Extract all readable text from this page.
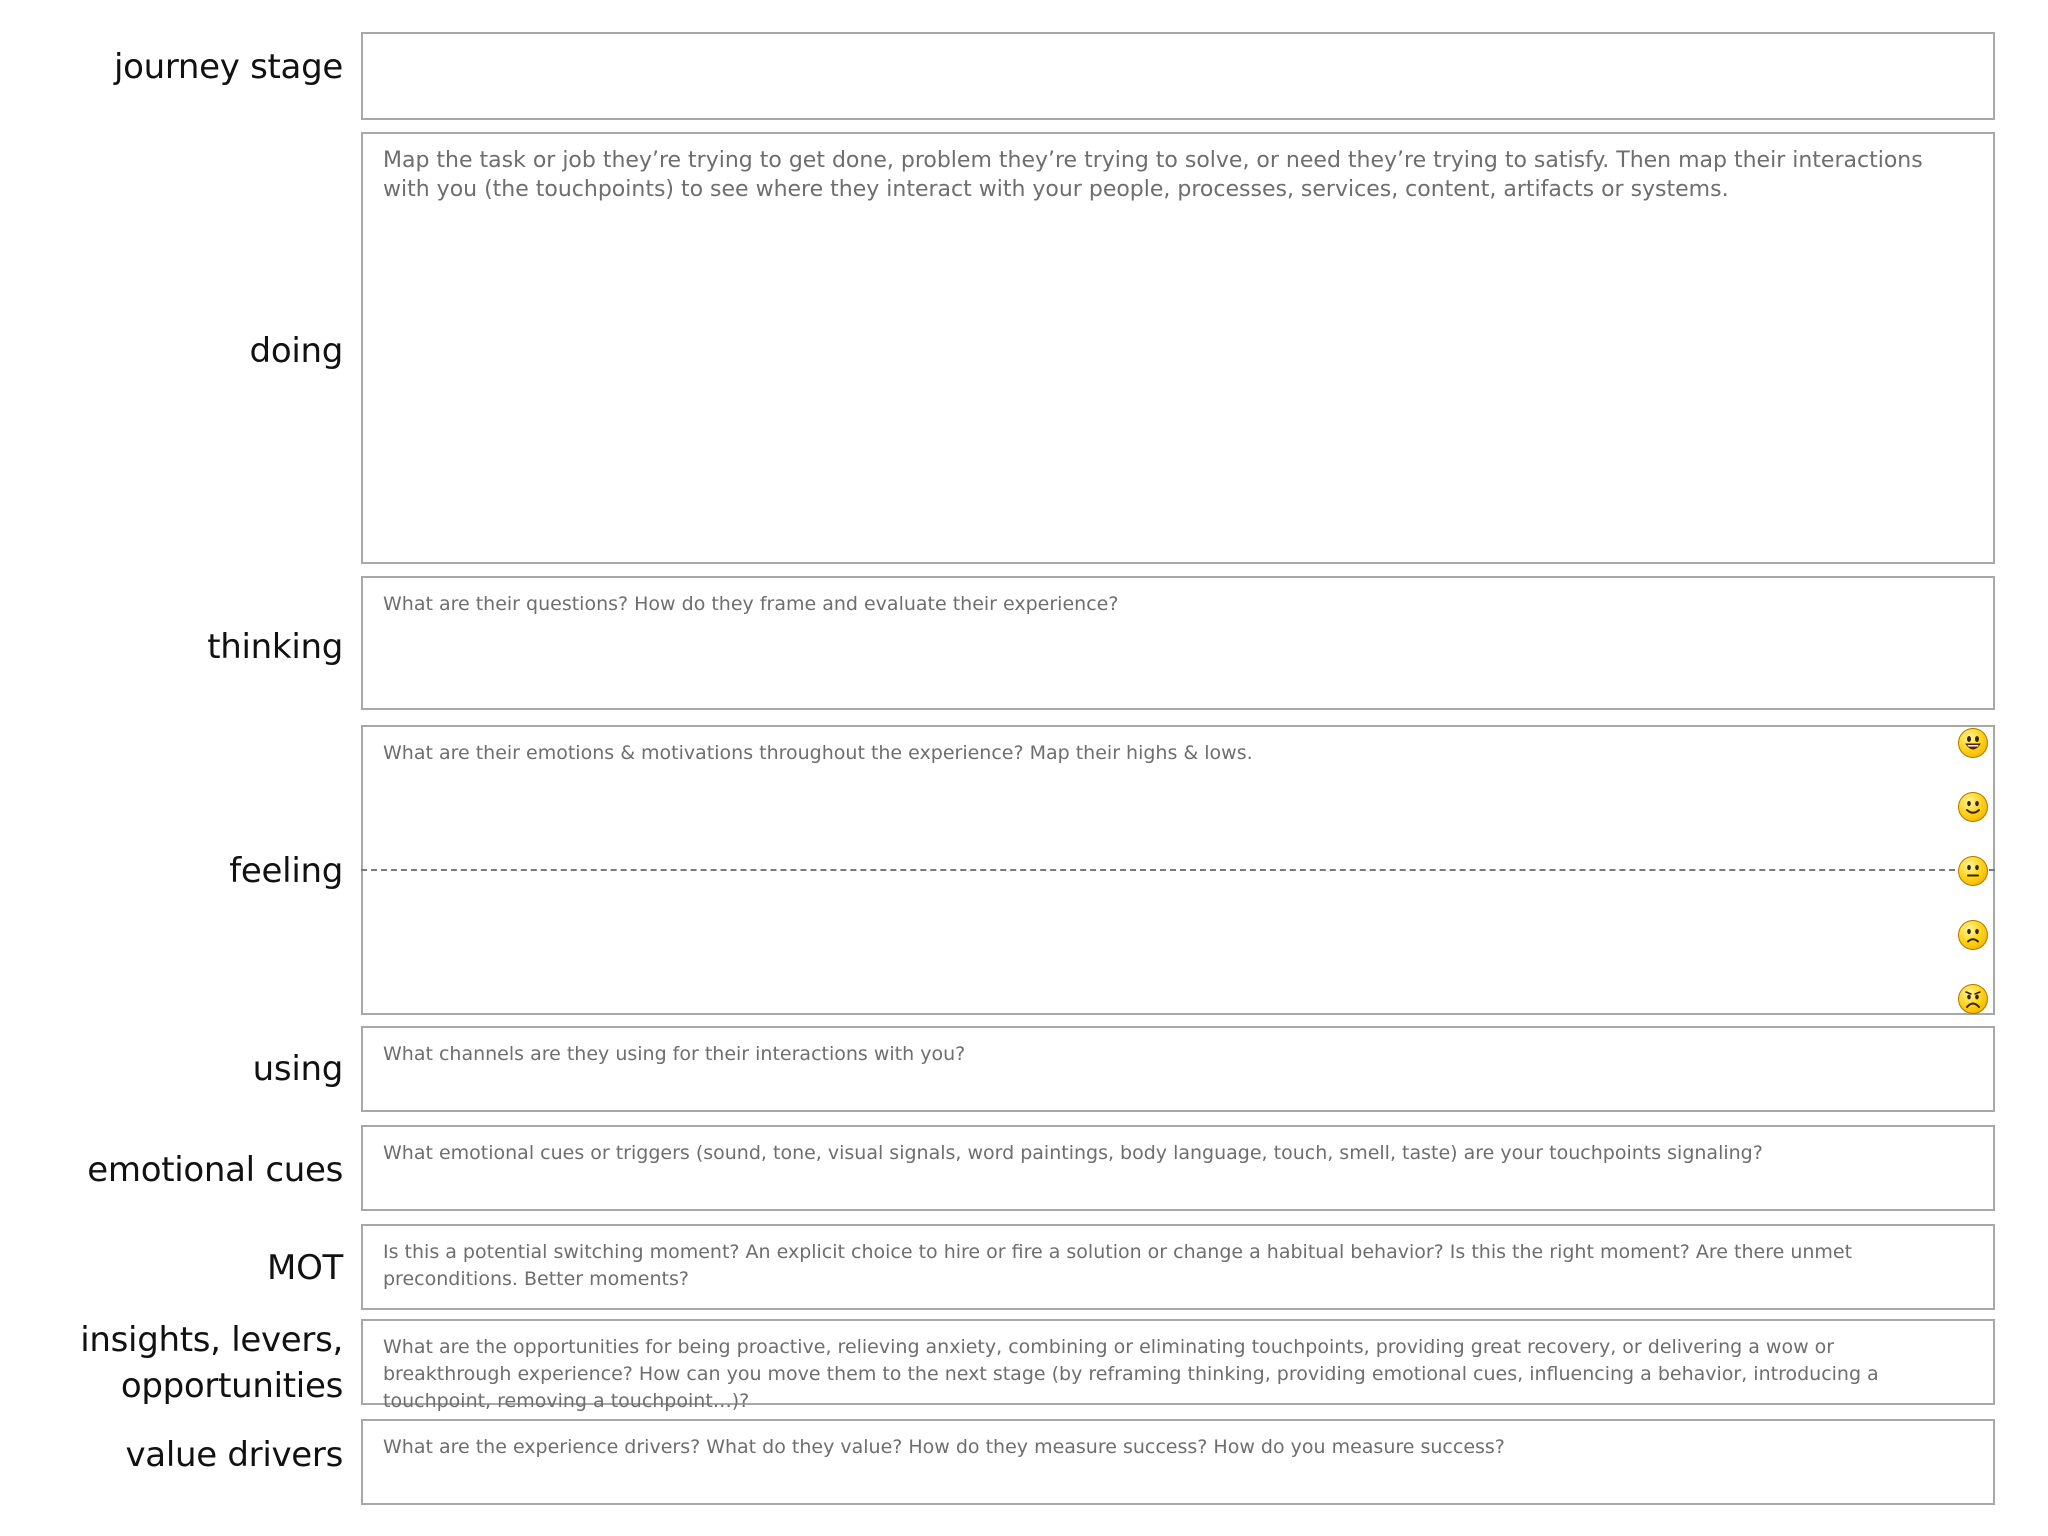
journey stage
doing
Map the task or job they’re trying to get done, problem they’re trying to solve, or need they’re trying to satisfy. Then map their interactions with you (the touchpoints) to see where they interact with your people, processes, services, content, artifacts or systems.
thinking
What are their questions? How do they frame and evaluate their experience?
feeling
What are their emotions & motivations throughout the experience? Map their highs & lows.
using What channels are they using for their interactions with you?
emotional cues What emotional cues or triggers (sound, tone, visual signals, word paintings, body language, touch, smell, taste) are your touchpoints signaling?
MOT Is this a potential switching moment? An explicit choice to hire or fire a solution or change a habitual behavior? Is this the right moment? Are there unmet preconditions. Better moments?
insights, levers,
opportunities
What are the opportunities for being proactive, relieving anxiety, combining or eliminating touchpoints, providing great recovery, or delivering a wow or breakthrough experience? How can you move them to the next stage (by reframing thinking, providing emotional cues, influencing a behavior, introducing a touchpoint, removing a touchpoint…)?
value drivers What are the experience drivers? What do they value? How do they measure success? How do you measure success?
